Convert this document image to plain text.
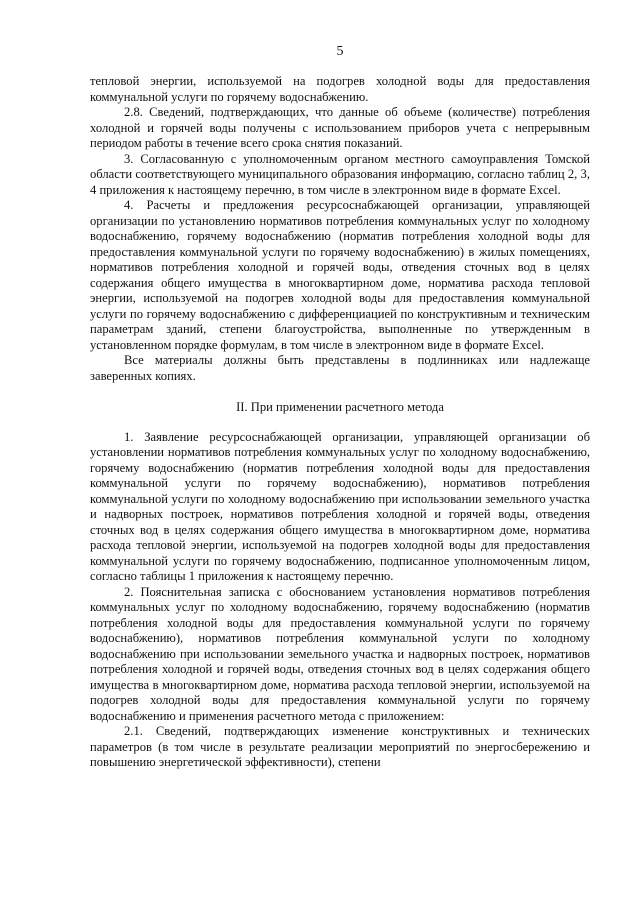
5

тепловой энергии, используемой на подогрев холодной воды для предоставления коммунальной услуги по горячему водоснабжению.

2.8. Сведений, подтверждающих, что данные об объеме (количестве) потребления холодной и горячей воды получены с использованием приборов учета с непрерывным периодом работы в течение всего срока снятия показаний.

3. Согласованную с уполномоченным органом местного самоуправления Томской области соответствующего муниципального образования информацию, согласно таблиц 2, 3, 4 приложения к настоящему перечню, в том числе в электронном виде в формате Excel.

4. Расчеты и предложения ресурсоснабжающей организации, управляющей организации по установлению нормативов потребления коммунальных услуг по холодному водоснабжению, горячему водоснабжению (норматив потребления холодной воды для предоставления коммунальной услуги по горячему водоснабжению) в жилых помещениях, нормативов потребления холодной и горячей воды, отведения сточных вод в целях содержания общего имущества в многоквартирном доме, норматива расхода тепловой энергии, используемой на подогрев холодной воды для предоставления коммунальной услуги по горячему водоснабжению с дифференциацией по конструктивным и техническим параметрам зданий, степени благоустройства, выполненные по утвержденным в установленном порядке формулам, в том числе в электронном виде в формате Excel.

Все материалы должны быть представлены в подлинниках или надлежаще заверенных копиях.

II. При применении расчетного метода

1. Заявление ресурсоснабжающей организации, управляющей организации об установлении нормативов потребления коммунальных услуг по холодному водоснабжению, горячему водоснабжению (норматив потребления холодной воды для предоставления коммунальной услуги по горячему водоснабжению), нормативов потребления коммунальной услуги по холодному водоснабжению при использовании земельного участка и надворных построек, нормативов потребления холодной и горячей воды, отведения сточных вод в целях содержания общего имущества в многоквартирном доме, норматива расхода тепловой энергии, используемой на подогрев холодной воды для предоставления коммунальной услуги по горячему водоснабжению, подписанное уполномоченным лицом, согласно таблицы 1 приложения к настоящему перечню.

2. Пояснительная записка с обоснованием установления нормативов потребления коммунальных услуг по холодному водоснабжению, горячему водоснабжению (норматив потребления холодной воды для предоставления коммунальной услуги по горячему водоснабжению), нормативов потребления коммунальной услуги по холодному водоснабжению при использовании земельного участка и надворных построек, нормативов потребления холодной и горячей воды, отведения сточных вод в целях содержания общего имущества в многоквартирном доме, норматива расхода тепловой энергии, используемой на подогрев холодной воды для предоставления коммунальной услуги по горячему водоснабжению и применения расчетного метода с приложением:

2.1. Сведений, подтверждающих изменение конструктивных и технических параметров (в том числе в результате реализации мероприятий по энергосбережению и повышению энергетической эффективности), степени
